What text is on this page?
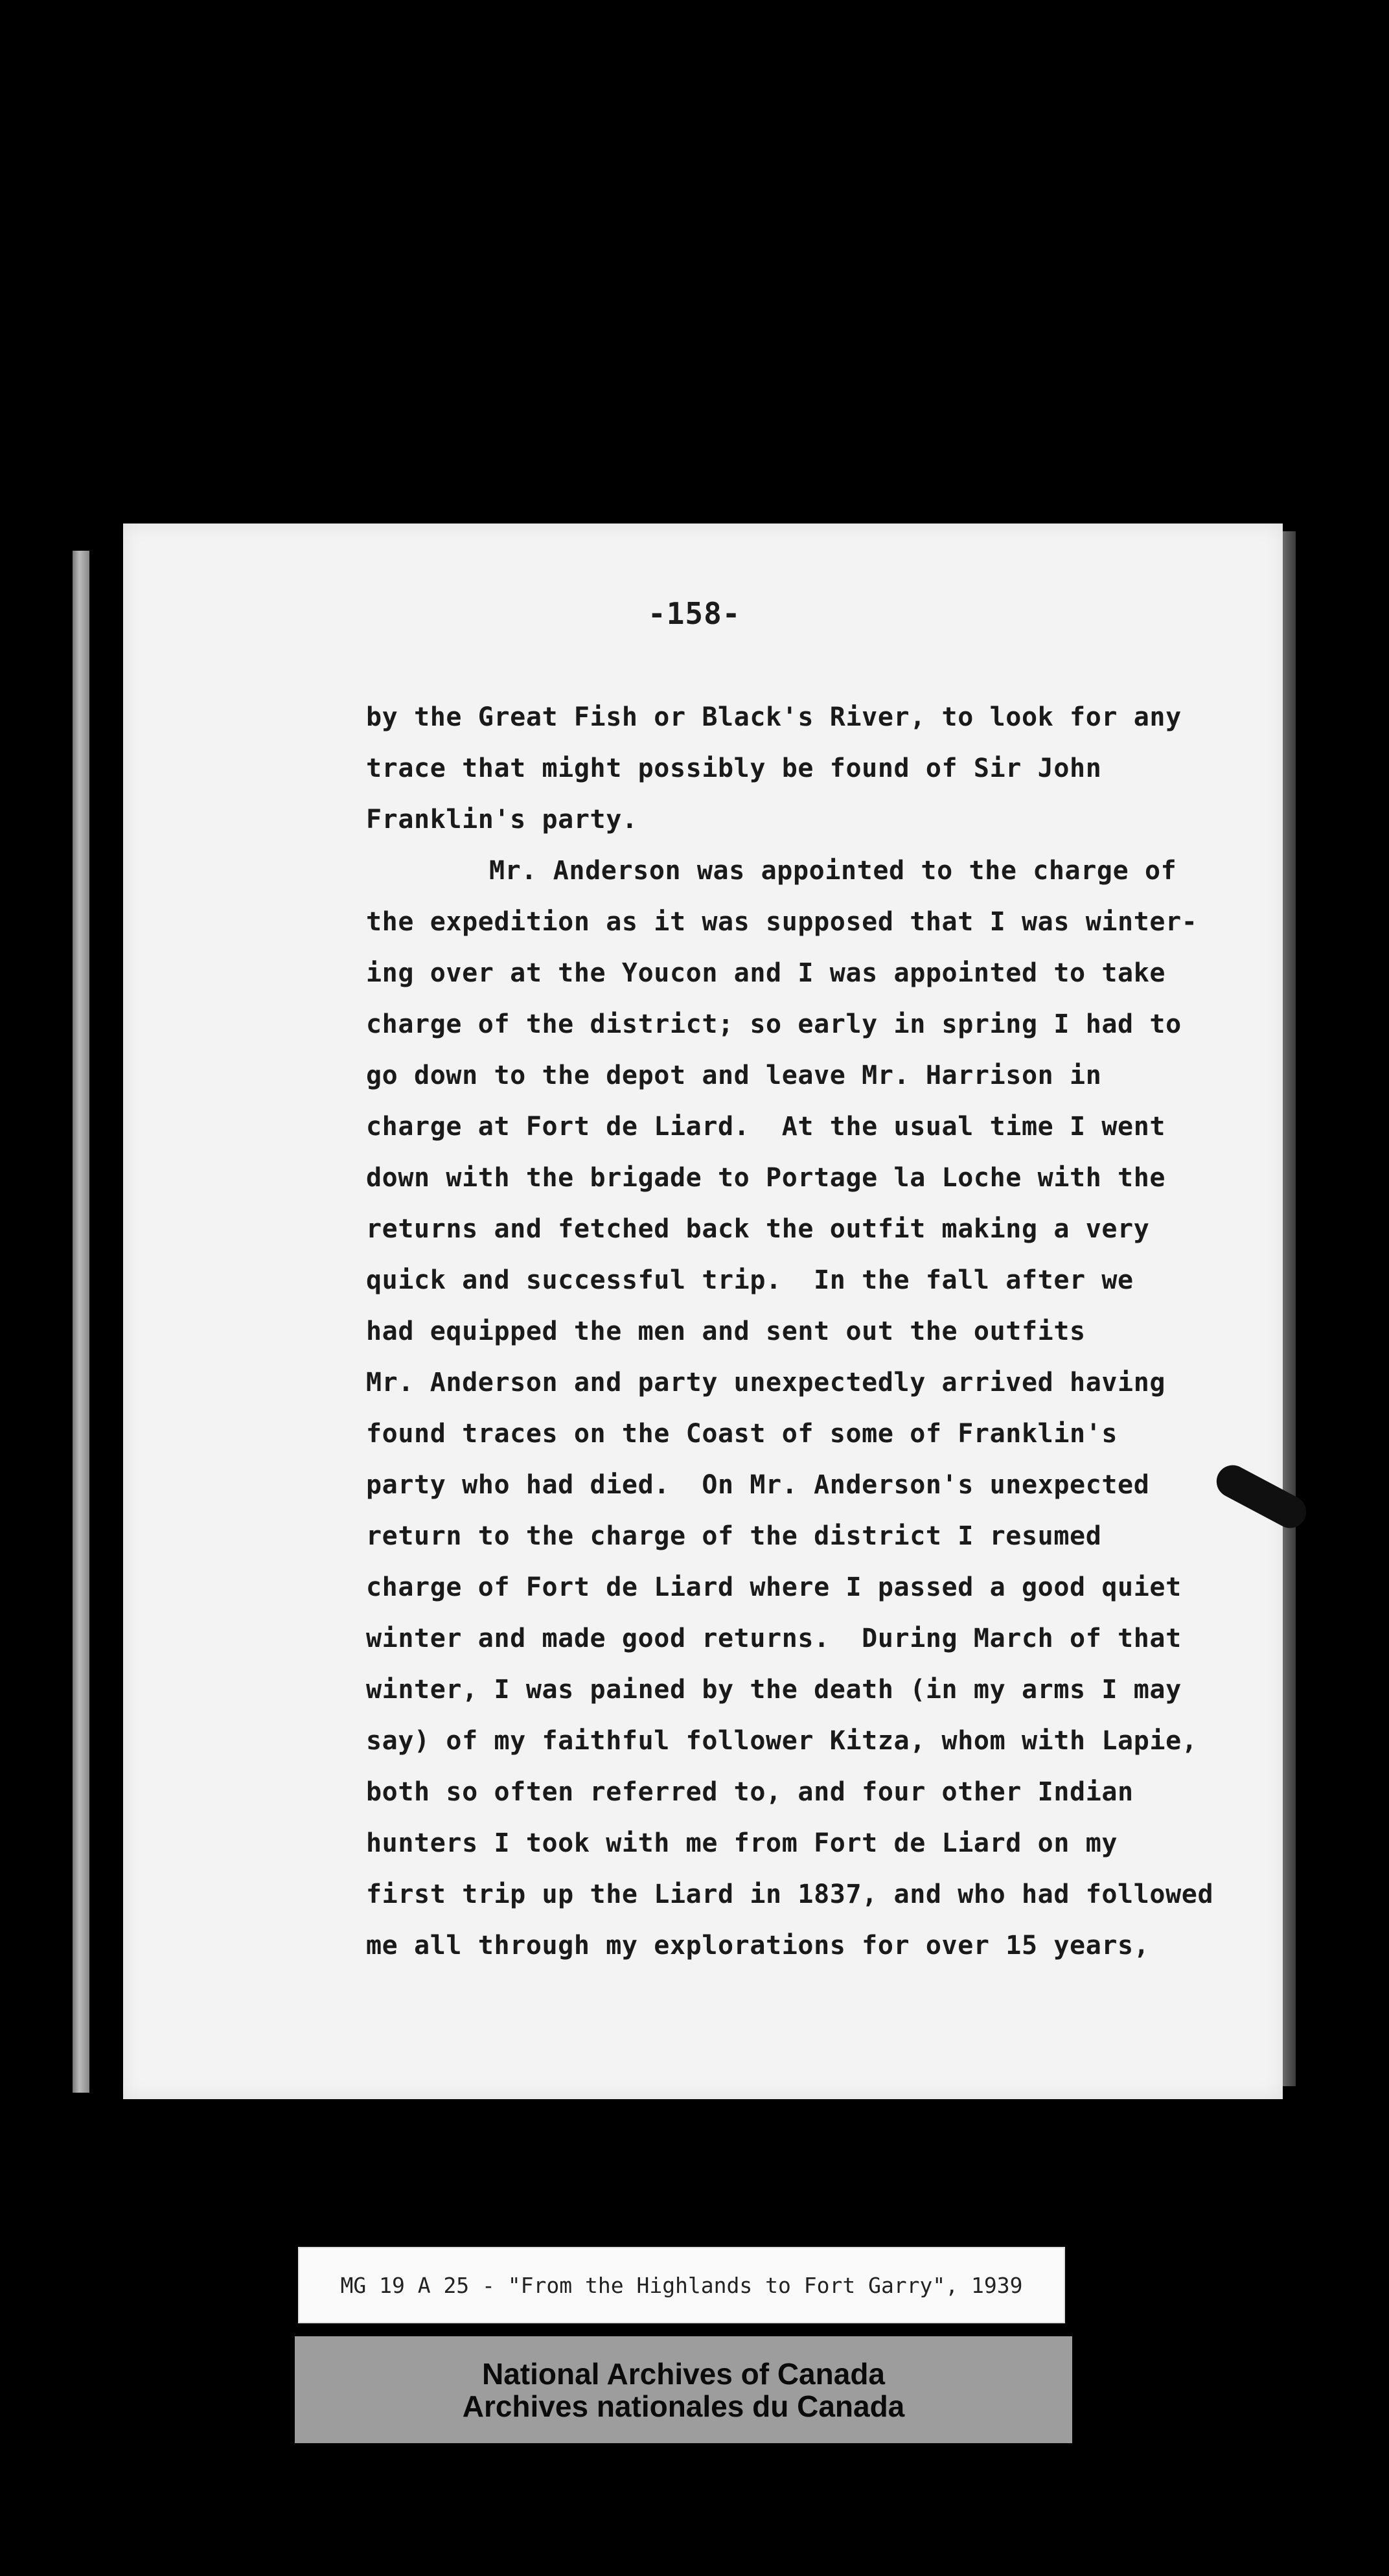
-158-
by the Great Fish or Black's River, to look for any
trace that might possibly be found of Sir John
Franklin's party.
Mr. Anderson was appointed to the charge of
the expedition as it was supposed that I was winter-
ing over at the Youcon and I was appointed to take
charge of the district; so early in spring I had to
go down to the depot and leave Mr. Harrison in
charge at Fort de Liard.  At the usual time I went
down with the brigade to Portage la Loche with the
returns and fetched back the outfit making a very
quick and successful trip.  In the fall after we
had equipped the men and sent out the outfits
Mr. Anderson and party unexpectedly arrived having
found traces on the Coast of some of Franklin's
party who had died.  On Mr. Anderson's unexpected
return to the charge of the district I resumed
charge of Fort de Liard where I passed a good quiet
winter and made good returns.  During March of that
winter, I was pained by the death (in my arms I may
say) of my faithful follower Kitza, whom with Lapie,
both so often referred to, and four other Indian
hunters I took with me from Fort de Liard on my
first trip up the Liard in 1837, and who had followed
me all through my explorations for over 15 years,
MG 19 A 25 - "From the Highlands to Fort Garry", 1939
National Archives of Canada
Archives nationales du Canada
